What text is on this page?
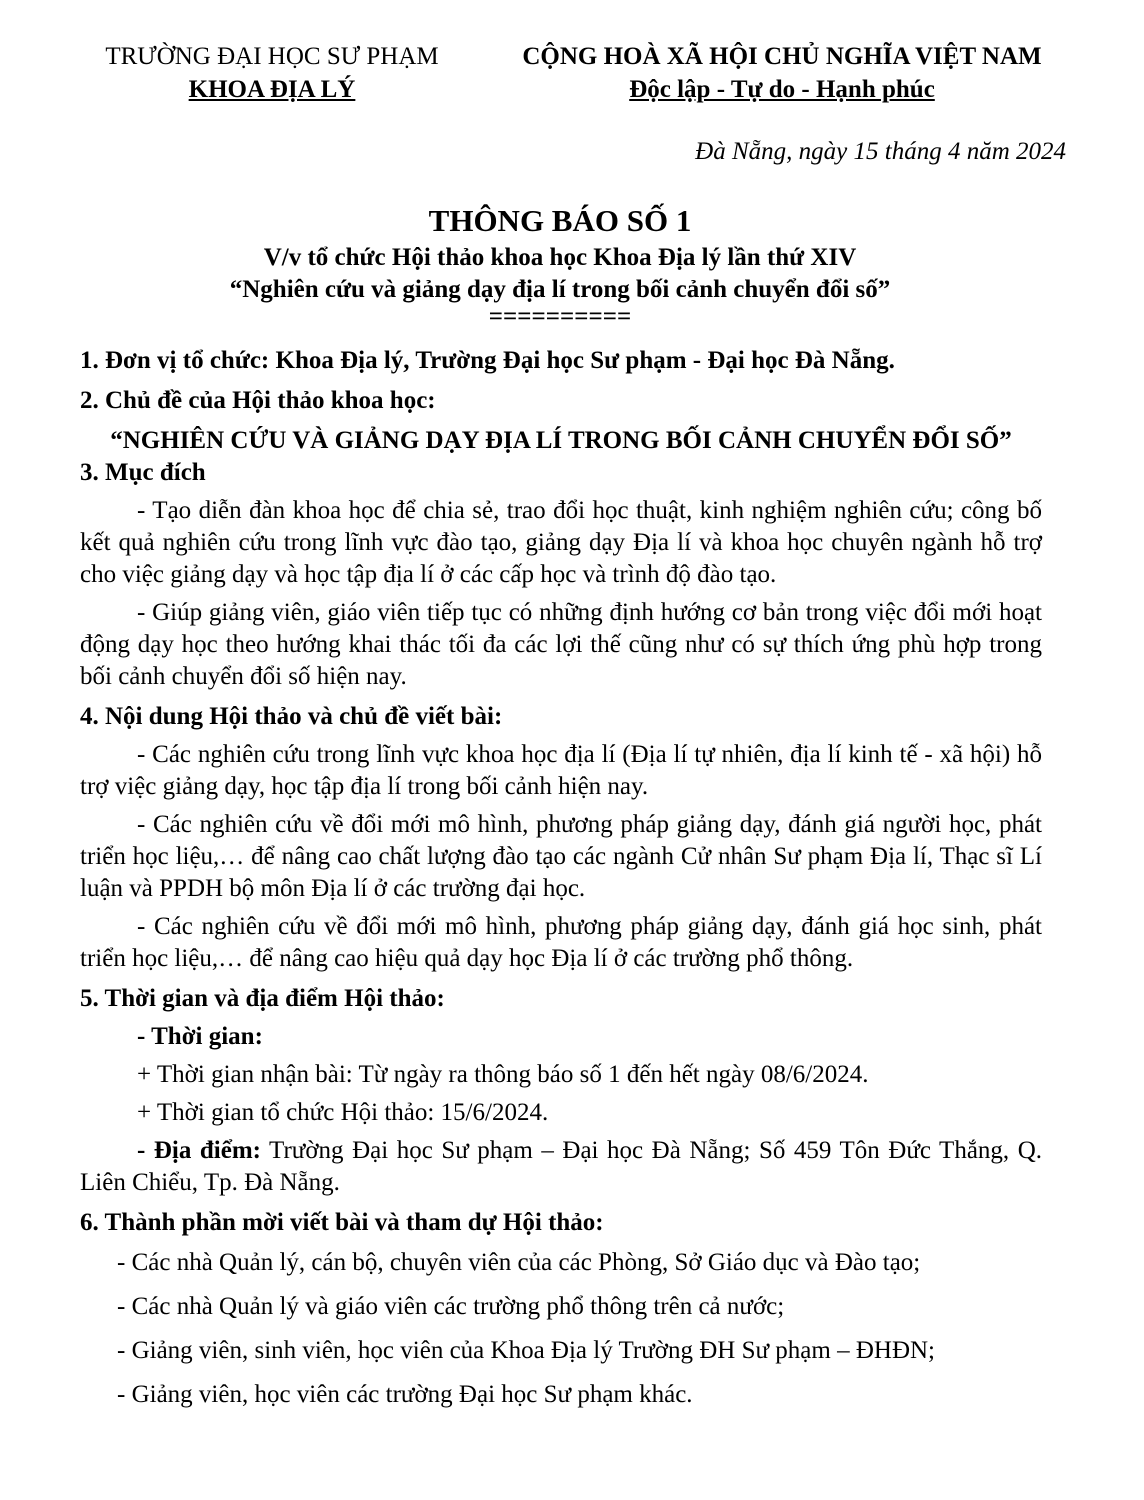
TRƯỜNG ĐẠI HỌC SƯ PHẠM
KHOA ĐỊA LÝ
CỘNG HOÀ XÃ HỘI CHỦ NGHĨA VIỆT NAM
Độc lập - Tự do - Hạnh phúc
Đà Nẵng, ngày 15 tháng 4 năm 2024
THÔNG BÁO SỐ 1
V/v tổ chức Hội thảo khoa học Khoa Địa lý lần thứ XIV
“Nghiên cứu và giảng dạy địa lí trong bối cảnh chuyển đổi số”
==========

1. Đơn vị tổ chức: Khoa Địa lý, Trường Đại học Sư phạm - Đại học Đà Nẵng.

2. Chủ đề của Hội thảo khoa học:

“NGHIÊN CỨU VÀ GIẢNG DẠY ĐỊA LÍ TRONG BỐI CẢNH CHUYỂN ĐỔI SỐ”

3. Mục đích

- Tạo diễn đàn khoa học để chia sẻ, trao đổi học thuật, kinh nghiệm nghiên cứu; công bố kết quả nghiên cứu trong lĩnh vực đào tạo, giảng dạy Địa lí và khoa học chuyên ngành hỗ trợ cho việc giảng dạy và học tập địa lí ở các cấp học và trình độ đào tạo.

- Giúp giảng viên, giáo viên tiếp tục có những định hướng cơ bản trong việc đổi mới hoạt động dạy học theo hướng khai thác tối đa các lợi thế cũng như có sự thích ứng phù hợp trong bối cảnh chuyển đổi số hiện nay.

4. Nội dung Hội thảo và chủ đề viết bài:

- Các nghiên cứu trong lĩnh vực khoa học địa lí (Địa lí tự nhiên, địa lí kinh tế - xã hội) hỗ trợ việc giảng dạy, học tập địa lí trong bối cảnh hiện nay.

- Các nghiên cứu về đổi mới mô hình, phương pháp giảng dạy, đánh giá người học, phát triển học liệu,… để nâng cao chất lượng đào tạo các ngành Cử nhân Sư phạm Địa lí, Thạc sĩ Lí luận và PPDH bộ môn Địa lí ở các trường đại học.

- Các nghiên cứu về đổi mới mô hình, phương pháp giảng dạy, đánh giá học sinh, phát triển học liệu,… để nâng cao hiệu quả dạy học Địa lí ở các trường phổ thông.

5. Thời gian và địa điểm Hội thảo:

- Thời gian:

+ Thời gian nhận bài: Từ ngày ra thông báo số 1 đến hết ngày 08/6/2024.

+ Thời gian tổ chức Hội thảo: 15/6/2024.

- Địa điểm: Trường Đại học Sư phạm – Đại học Đà Nẵng; Số 459 Tôn Đức Thắng, Q. Liên Chiểu, Tp. Đà Nẵng.

6. Thành phần mời viết bài và tham dự Hội thảo:

- Các nhà Quản lý, cán bộ, chuyên viên của các Phòng, Sở Giáo dục và Đào tạo;

- Các nhà Quản lý và giáo viên các trường phổ thông trên cả nước;

- Giảng viên, sinh viên, học viên của Khoa Địa lý Trường ĐH Sư phạm – ĐHĐN;

- Giảng viên, học viên các trường Đại học Sư phạm khác.
